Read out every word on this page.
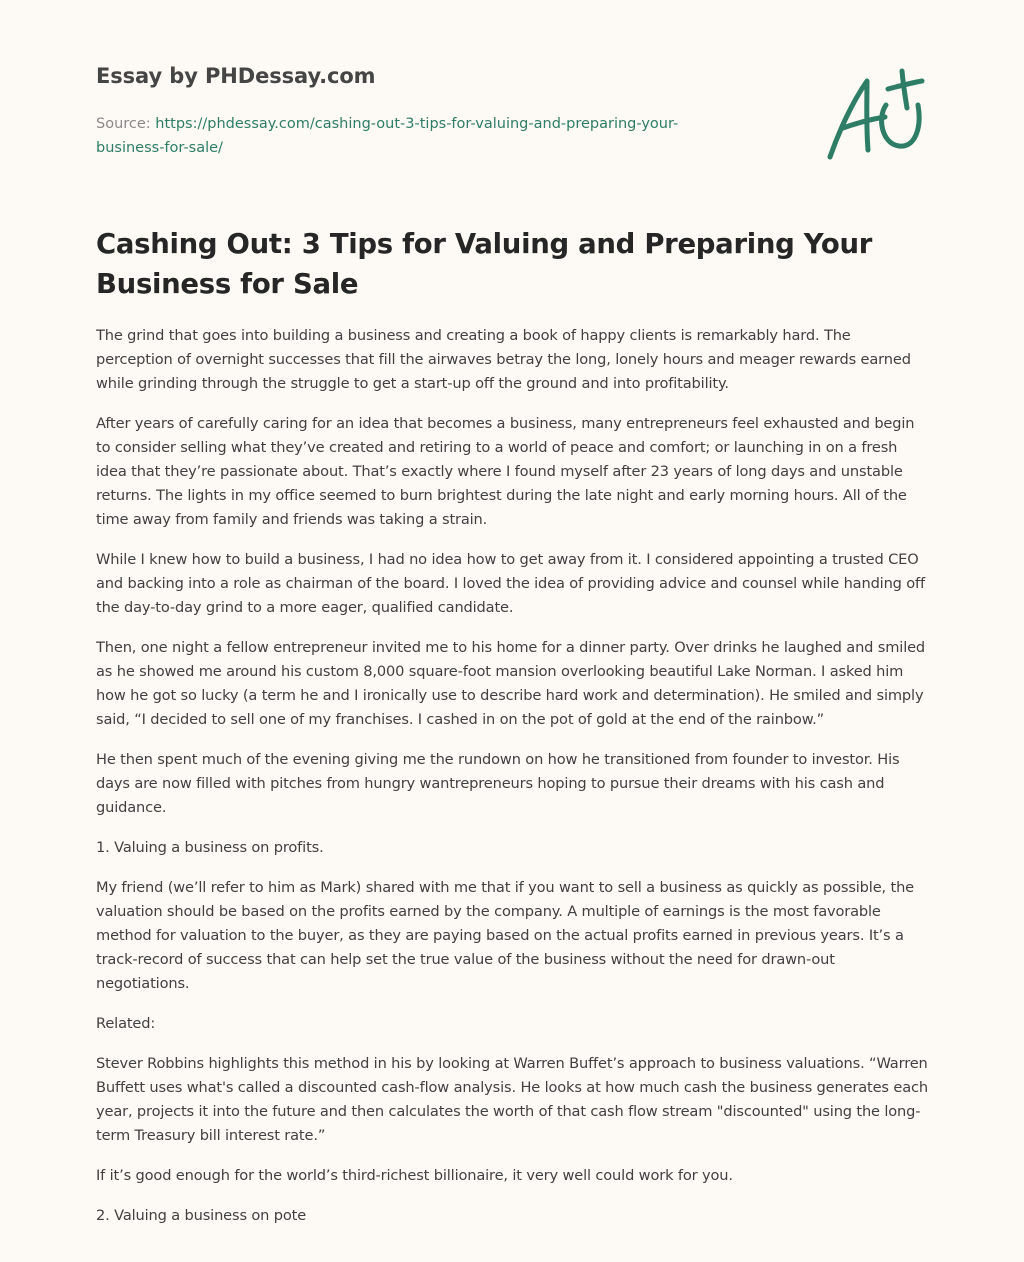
Essay by PHDessay.com
Source: https://phdessay.com/cashing-out-3-tips-for-valuing-and-preparing-your-business-for-sale/
Cashing Out: 3 Tips for Valuing and Preparing Your Business for Sale

The grind that goes into building a business and creating a book of happy clients is remarkably hard. The perception of overnight successes that fill the airwaves betray the long, lonely hours and meager rewards earned while grinding through the struggle to get a start-up off the ground and into profitability.

After years of carefully caring for an idea that becomes a business, many entrepreneurs feel exhausted and begin to consider selling what they’ve created and retiring to a world of peace and comfort; or launching in on a fresh idea that they’re passionate about. That’s exactly where I found myself after 23 years of long days and unstable returns. The lights in my office seemed to burn brightest during the late night and early morning hours. All of the time away from family and friends was taking a strain.

While I knew how to build a business, I had no idea how to get away from it. I considered appointing a trusted CEO and backing into a role as chairman of the board. I loved the idea of providing advice and counsel while handing off the day-to-day grind to a more eager, qualified candidate.

Then, one night a fellow entrepreneur invited me to his home for a dinner party. Over drinks he laughed and smiled as he showed me around his custom 8,000 square-foot mansion overlooking beautiful Lake Norman. I asked him how he got so lucky (a term he and I ironically use to describe hard work and determination). He smiled and simply said, “I decided to sell one of my franchises. I cashed in on the pot of gold at the end of the rainbow.”

He then spent much of the evening giving me the rundown on how he transitioned from founder to investor. His days are now filled with pitches from hungry wantrepreneurs hoping to pursue their dreams with his cash and guidance.

1. Valuing a business on profits.

My friend (we’ll refer to him as Mark) shared with me that if you want to sell a business as quickly as possible, the valuation should be based on the profits earned by the company. A multiple of earnings is the most favorable method for valuation to the buyer, as they are paying based on the actual profits earned in previous years. It’s a track-record of success that can help set the true value of the business without the need for drawn-out negotiations.

Related:

Stever Robbins highlights this method in his by looking at Warren Buffet’s approach to business valuations. “Warren Buffett uses what's called a discounted cash-flow analysis. He looks at how much cash the business generates each year, projects it into the future and then calculates the worth of that cash flow stream "discounted" using the long-term Treasury bill interest rate.”

If it’s good enough for the world’s third-richest billionaire, it very well could work for you.

2. Valuing a business on pote
